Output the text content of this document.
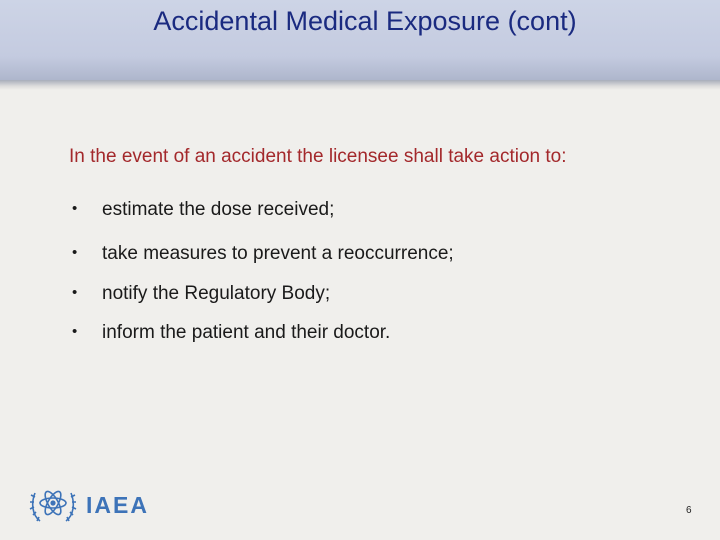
Accidental Medical Exposure (cont)
In the event of an accident the licensee shall take action to:
• estimate the dose received;
• take measures to prevent a reoccurrence;
• notify the Regulatory Body;
• inform the patient and their doctor.
IAEA	6
